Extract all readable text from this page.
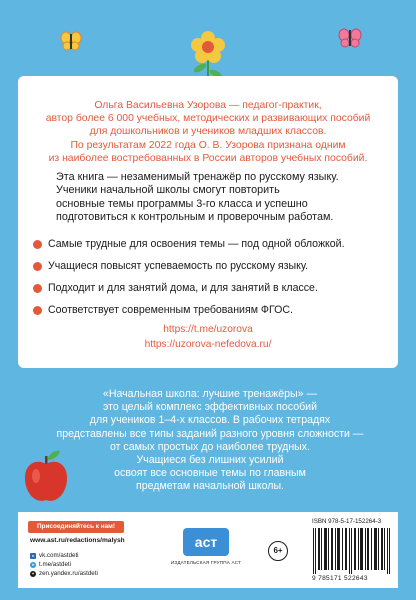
Ольга Васильевна Узорова — педагог-практик,
автор более 6 000 учебных, методических и развивающих пособий
для дошкольников и учеников младших классов.
По результатам 2022 года О. В. Узорова признана одним
из наиболее востребованных в России авторов учебных пособий.
Эта книга — незаменимый тренажёр по русскому языку.
Ученики начальной школы смогут повторить
основные темы программы 3-го класса и успешно
подготовиться к контрольным и проверочным работам.
Самые трудные для освоения темы — под одной обложкой.
Учащиеся повысят успеваемость по русскому языку.
Подходит и для занятий дома, и для занятий в классе.
Соответствует современным требованиям ФГОС.
https://t.me/uzorova
https://uzorova-nefedova.ru/
«Начальная школа: лучшие тренажёры» —
это целый комплекс эффективных пособий
для учеников 1–4-х классов. В рабочих тетрадях
представлены все типы заданий разного уровня сложности —
от самых простых до наиболее трудных.
Учащиеся без лишних усилий
освоят все основные темы по главным
предметам начальной школы.
Присоединяйтесь к нам!
www.ast.ru/redactions/malysh
в vk.com/astdeti
➤ t.me/astdeti
✦ zen.yandex.ru/astdeti
аст
ИЗДАТЕЛЬСКАЯ ГРУППА АСТ
6+
ISBN 978-5-17-152264-3
9 785171 522643
